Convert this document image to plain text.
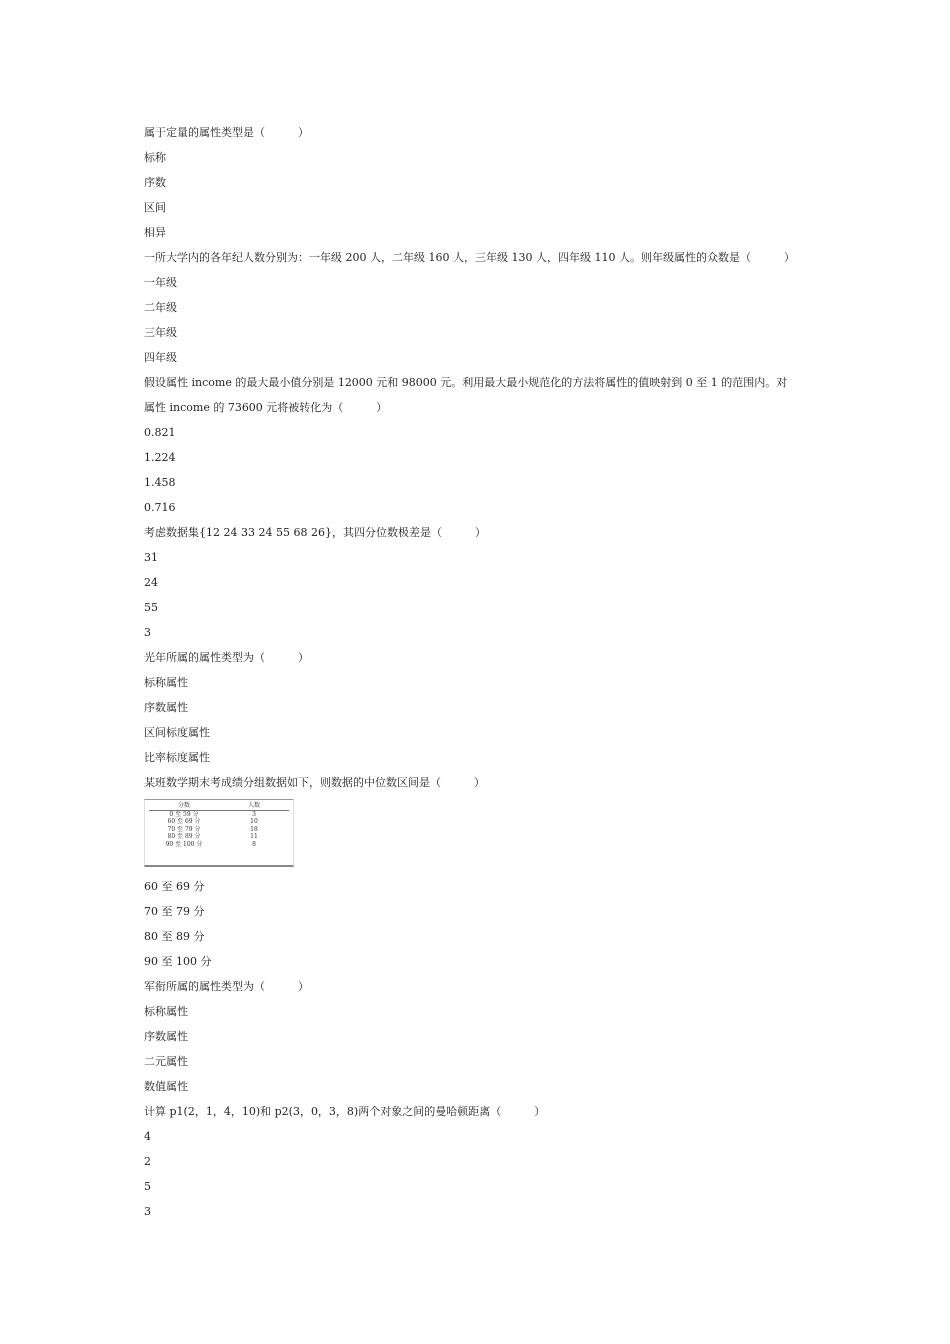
属于定量的属性类型是（　　　）
标称
序数
区间
相异
一所大学内的各年纪人数分别为：一年级 200 人，二年级 160 人，三年级 130 人，四年级 110 人。则年级属性的众数是（　　　）
一年级
二年级
三年级
四年级
假设属性 income 的最大最小值分别是 12000 元和 98000 元。利用最大最小规范化的方法将属性的值映射到 0 至 1 的范围内。对
属性 income 的 73600 元将被转化为（　　　）
0.821
1.224
1.458
0.716
考虑数据集{12 24 33 24 55 68 26}，其四分位数极差是（　　　）
31
24
55
3
光年所属的属性类型为（　　　）
标称属性
序数属性
区间标度属性
比率标度属性
某班数学期末考成绩分组数据如下，则数据的中位数区间是（　　　）
分数	人数
0 至 59 分	3
60 至 69 分	10
70 至 79 分	18
80 至 89 分	11
90 至 100 分	8
60 至 69 分
70 至 79 分
80 至 89 分
90 至 100 分
军衔所属的属性类型为（　　　）
标称属性
序数属性
二元属性
数值属性
计算 p1(2，1，4，10)和 p2(3，0，3，8)两个对象之间的曼哈顿距离（　　　）
4
2
5
3
